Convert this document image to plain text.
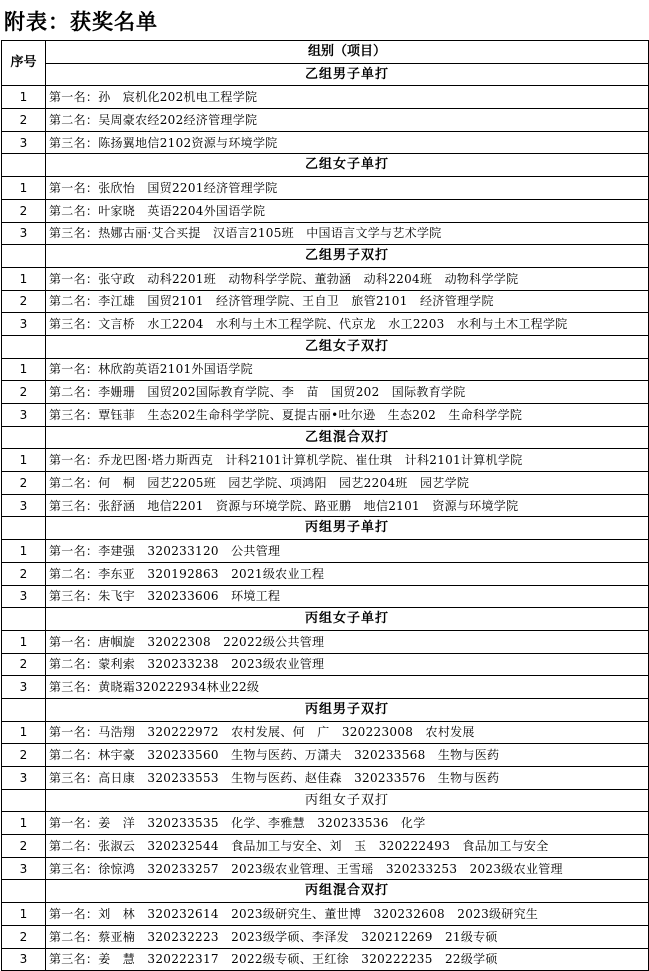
附表：获奖名单
序号	组别（项目）
	乙组男子单打
1	第一名：孙　宸机化202机电工程学院
2	第二名：吴周豪农经202经济管理学院
3	第三名：陈扬翼地信2102资源与环境学院
	乙组女子单打
1	第一名：张欣怡　国贸2201经济管理学院
2	第二名：叶家晓　英语2204外国语学院
3	第三名：热娜古丽·艾合买提　汉语言2105班　中国语言文学与艺术学院
	乙组男子双打
1	第一名：张守政　动科2201班　动物科学学院、董勃涵　动科2204班　动物科学学院
2	第二名：李江雄　国贸2101　经济管理学院、王自卫　旅管2101　经济管理学院
3	第三名：文言桥　水工2204　水利与土木工程学院、代京龙　水工2203　水利与土木工程学院
	乙组女子双打
1	第一名：林欣韵英语2101外国语学院
2	第二名：李姗珊　国贸202国际教育学院、李　苗　国贸202　国际教育学院
3	第三名：覃钰菲　生态202生命科学学院、夏提古丽•吐尔逊　生态202　生命科学学院
	乙组混合双打
1	第一名：乔龙巴图·塔力斯西克　计科2101计算机学院、崔仕琪　计科2101计算机学院
2	第二名：何　桐　园艺2205班　园艺学院、项鸿阳　园艺2204班　园艺学院
3	第三名：张舒涵　地信2201　资源与环境学院、路亚鹏　地信2101　资源与环境学院
	丙组男子单打
1	第一名：李建强　320233120　公共管理
2	第二名：李东亚　320192863　2021级农业工程
3	第三名：朱飞宇　320233606　环境工程
	丙组女子单打
1	第一名：唐帼旋　32022308　22022级公共管理
2	第二名：蒙利索　320233238　2023级农业管理
3	第三名：黄晓霜320222934林业22级
	丙组男子双打
1	第一名：马浩翔　320222972　农村发展、何　广　320223008　农村发展
2	第二名：林宇豪　320233560　生物与医药、万潇夫　320233568　生物与医药
3	第三名：高日康　320233553　生物与医药、赵佳森　320233576　生物与医药
	丙组女子双打
1	第一名：姜　洋　320233535　化学、李雅慧　320233536　化学
2	第二名：张淑云　320232544　食品加工与安全、刘　玉　320222493　食品加工与安全
3	第三名：徐惊鸿　320233257　2023级农业管理、王雪瑶　320233253　2023级农业管理
	丙组混合双打
1	第一名：刘　林　320232614　2023级研究生、董世博　320232608　2023级研究生
2	第二名：蔡亚楠　320232223　2023级学硕、李泽发　320212269　21级专硕
3	第三名：姜　慧　320222317　2022级专硕、王红徐　320222235　22级学硕
